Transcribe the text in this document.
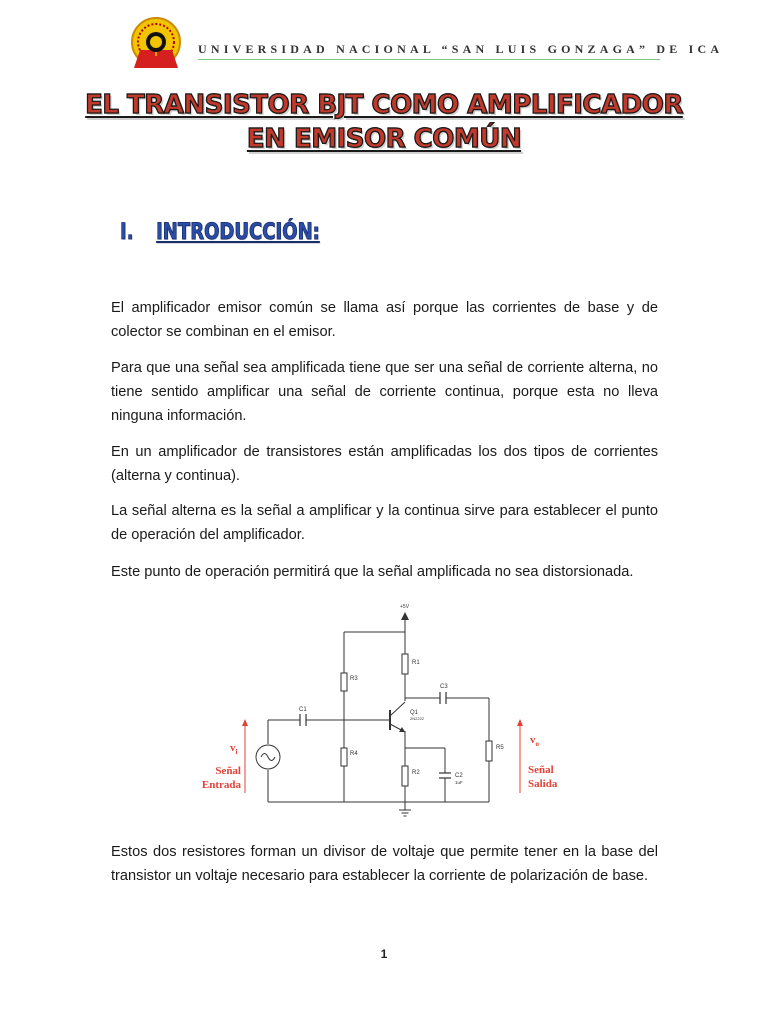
UNIVERSIDAD NACIONAL “SAN LUIS GONZAGA” DE ICA
EL TRANSISTOR BJT COMO AMPLIFICADOR
EN EMISOR COMÚN
I. INTRODUCCIÓN:

El amplificador emisor común se llama así porque las corrientes de base y de colector se combinan en el emisor.

Para que una señal sea amplificada tiene que ser una señal de corriente alterna, no tiene sentido amplificar una señal de corriente continua, porque esta no lleva ninguna información.

En un amplificador de transistores están amplificadas los dos tipos de corrientes (alterna y continua).

La señal alterna es la señal a amplificar y la continua sirve para establecer el punto de operación del amplificador.

Este punto de operación permitirá que la señal amplificada no sea distorsionada.

+5V
R1
R2
R3
R4
R5
C1
C3
C2
1uF
Q1
2N2222
$v_i$
Señal
Entrada
$v_o$
Señal
Salida

Estos dos resistores forman un divisor de voltaje que permite tener en la base del transistor un voltaje necesario para establecer la corriente de polarización de base.

1
